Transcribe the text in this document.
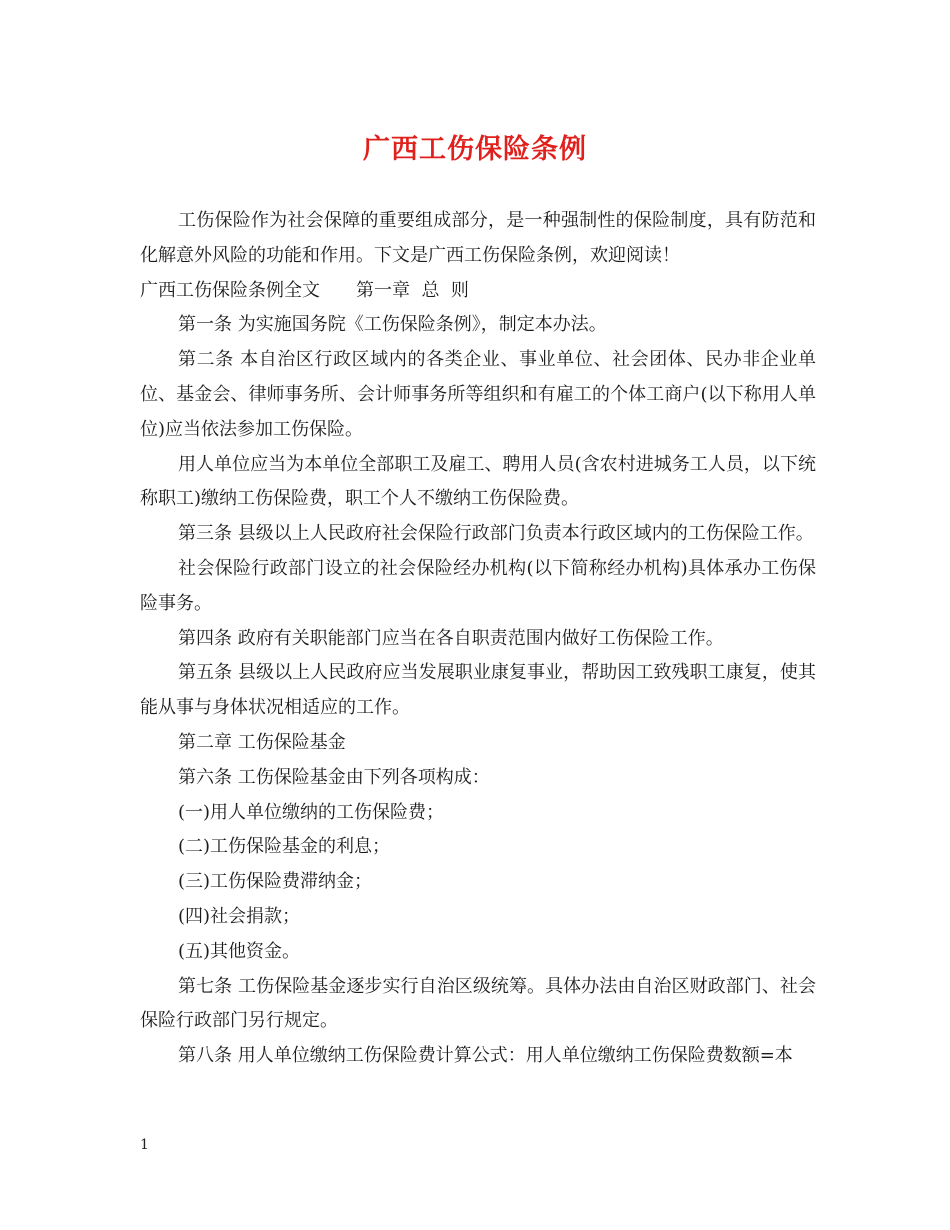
广西工伤保险条例

工伤保险作为社会保障的重要组成部分，是一种强制性的保险制度，具有防范和化解意外风险的功能和作用。下文是广西工伤保险条例，欢迎阅读！

广西工伤保险条例全文　　第一章  总  则

第一条 为实施国务院《工伤保险条例》，制定本办法。

第二条 本自治区行政区域内的各类企业、事业单位、社会团体、民办非企业单位、基金会、律师事务所、会计师事务所等组织和有雇工的个体工商户(以下称用人单位)应当依法参加工伤保险。

用人单位应当为本单位全部职工及雇工、聘用人员(含农村进城务工人员，以下统称职工)缴纳工伤保险费，职工个人不缴纳工伤保险费。

第三条 县级以上人民政府社会保险行政部门负责本行政区域内的工伤保险工作。

社会保险行政部门设立的社会保险经办机构(以下简称经办机构)具体承办工伤保险事务。

第四条 政府有关职能部门应当在各自职责范围内做好工伤保险工作。

第五条 县级以上人民政府应当发展职业康复事业，帮助因工致残职工康复，使其能从事与身体状况相适应的工作。

第二章 工伤保险基金

第六条 工伤保险基金由下列各项构成：

(一)用人单位缴纳的工伤保险费；

(二)工伤保险基金的利息；

(三)工伤保险费滞纳金；

(四)社会捐款；

(五)其他资金。

第七条 工伤保险基金逐步实行自治区级统筹。具体办法由自治区财政部门、社会保险行政部门另行规定。

第八条 用人单位缴纳工伤保险费计算公式：用人单位缴纳工伤保险费数额=本

1
